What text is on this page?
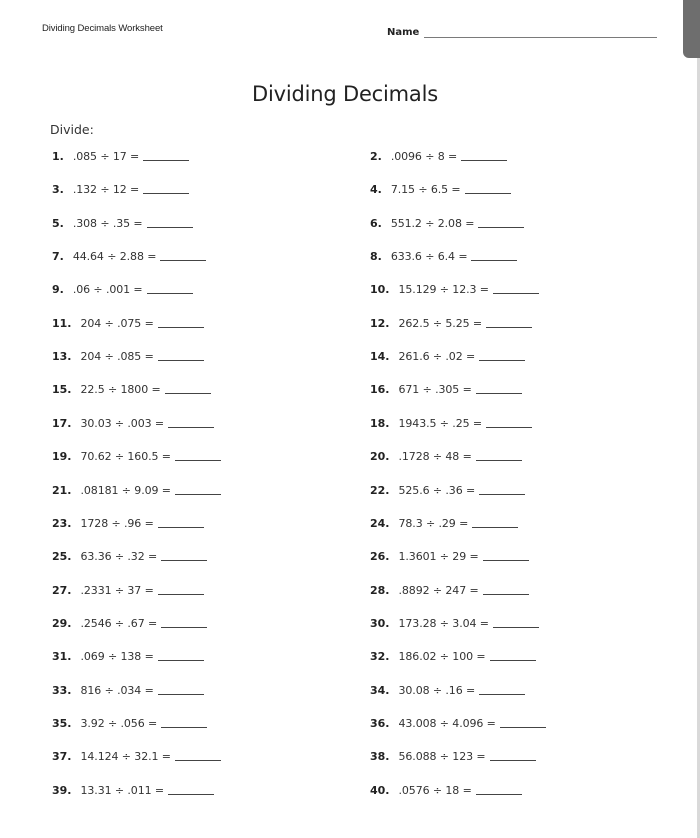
Dividing Decimals Worksheet	Name
Dividing Decimals
Divide:
1. .085 ÷ 17 =	2. .0096 ÷ 8 =
3. .132 ÷ 12 =	4. 7.15 ÷ 6.5 =
5. .308 ÷ .35 =	6. 551.2 ÷ 2.08 =
7. 44.64 ÷ 2.88 =	8. 633.6 ÷ 6.4 =
9. .06 ÷ .001 =	10. 15.129 ÷ 12.3 =
11. 204 ÷ .075 =	12. 262.5 ÷ 5.25 =
13. 204 ÷ .085 =	14. 261.6 ÷ .02 =
15. 22.5 ÷ 1800 =	16. 671 ÷ .305 =
17. 30.03 ÷ .003 =	18. 1943.5 ÷ .25 =
19. 70.62 ÷ 160.5 =	20. .1728 ÷ 48 =
21. .08181 ÷ 9.09 =	22. 525.6 ÷ .36 =
23. 1728 ÷ .96 =	24. 78.3 ÷ .29 =
25. 63.36 ÷ .32 =	26. 1.3601 ÷ 29 =
27. .2331 ÷ 37 =	28. .8892 ÷ 247 =
29. .2546 ÷ .67 =	30. 173.28 ÷ 3.04 =
31. .069 ÷ 138 =	32. 186.02 ÷ 100 =
33. 816 ÷ .034 =	34. 30.08 ÷ .16 =
35. 3.92 ÷ .056 =	36. 43.008 ÷ 4.096 =
37. 14.124 ÷ 32.1 =	38. 56.088 ÷ 123 =
39. 13.31 ÷ .011 =	40. .0576 ÷ 18 =
